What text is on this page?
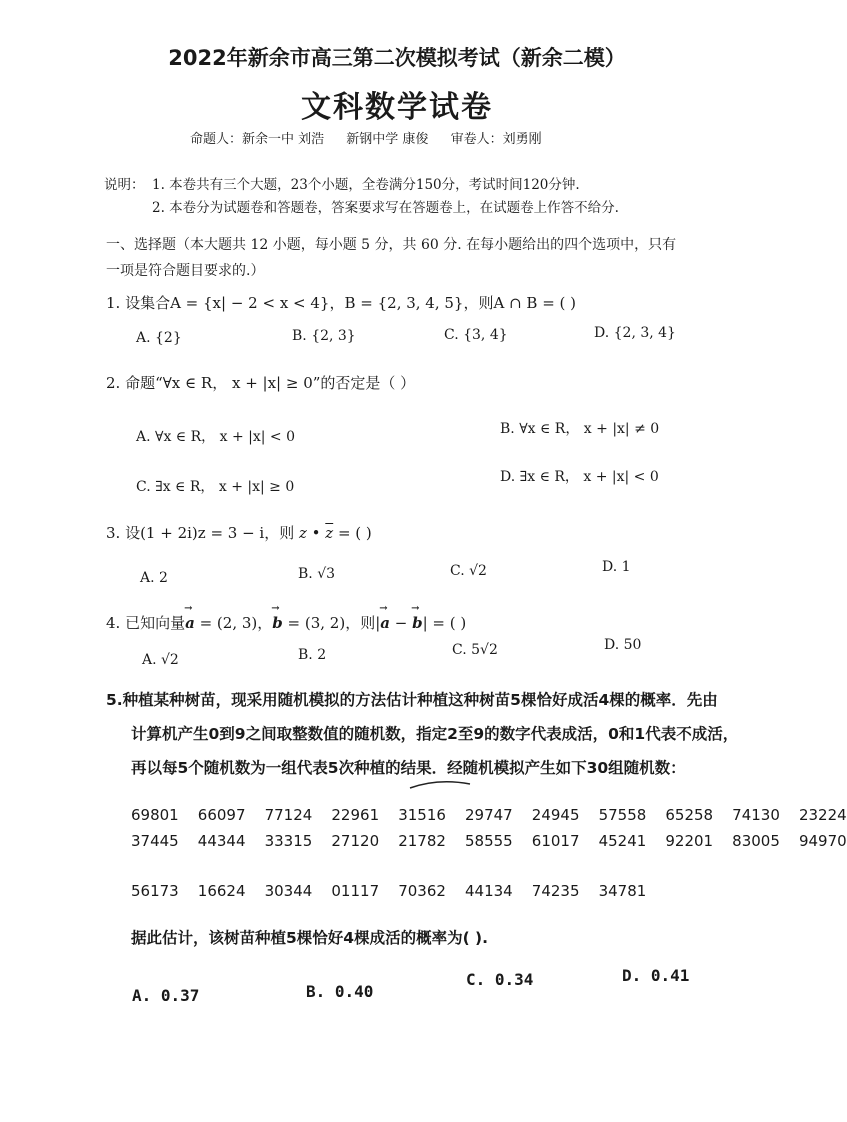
2022年新余市高三第二次模拟考试（新余二模）
文科数学试卷
命题人：新余一中 刘浩 新钢中学 康俊 审卷人：刘勇刚
说明： 1. 本卷共有三个大题，23个小题，全卷满分150分，考试时间120分钟.
2. 本卷分为试题卷和答题卷，答案要求写在答题卷上，在试题卷上作答不给分.
一、选择题（本大题共 12 小题，每小题 5 分，共 60 分. 在每小题给出的四个选项中，只有
一项是符合题目要求的.）
1. 设集合A = {x| − 2 < x < 4}，B = {2, 3, 4, 5}，则A ∩ B = ( )
A. {2}	B. {2, 3}	C. {3, 4}	D. {2, 3, 4}
2. 命题“∀x ∈ R， x + |x| ≥ 0”的否定是（ ）
A. ∀x ∈ R， x + |x| < 0	B. ∀x ∈ R， x + |x| ≠ 0
C. ∃x ∈ R， x + |x| ≥ 0
D. ∃x ∈ R， x + |x| < 0
3. 设(1 + 2i)z = 3 − i，则 z • $\overline{z}$ = ( )
A. 2	B. √3	C. √2	D. 1
4. 已知向量→ a = (2, 3)，→ b = (3, 2)，则|→ a − → b| = ( )
A. √2	B. 2	C. 5√2	D. 50
5.种植某种树苗，现采用随机模拟的方法估计种植这种树苗5棵恰好成活4棵的概率．先由
计算机产生0到9之间取整数值的随机数，指定2至9的数字代表成活，0和1代表不成活，
再以每5个随机数为一组代表5次种植的结果．经随机模拟产生如下30组随机数：
69801 66097 77124 22961 31516 29747 24945 57558 65258 74130 23224
37445 44344 33315 27120 21782 58555 61017 45241 92201 83005 94970
56173 16624 30344 01117 70362 44134 74235 34781
据此估计，该树苗种植5棵恰好4棵成活的概率为( ).
A. 0.37	B. 0.40
C. 0.34	D. 0.41
